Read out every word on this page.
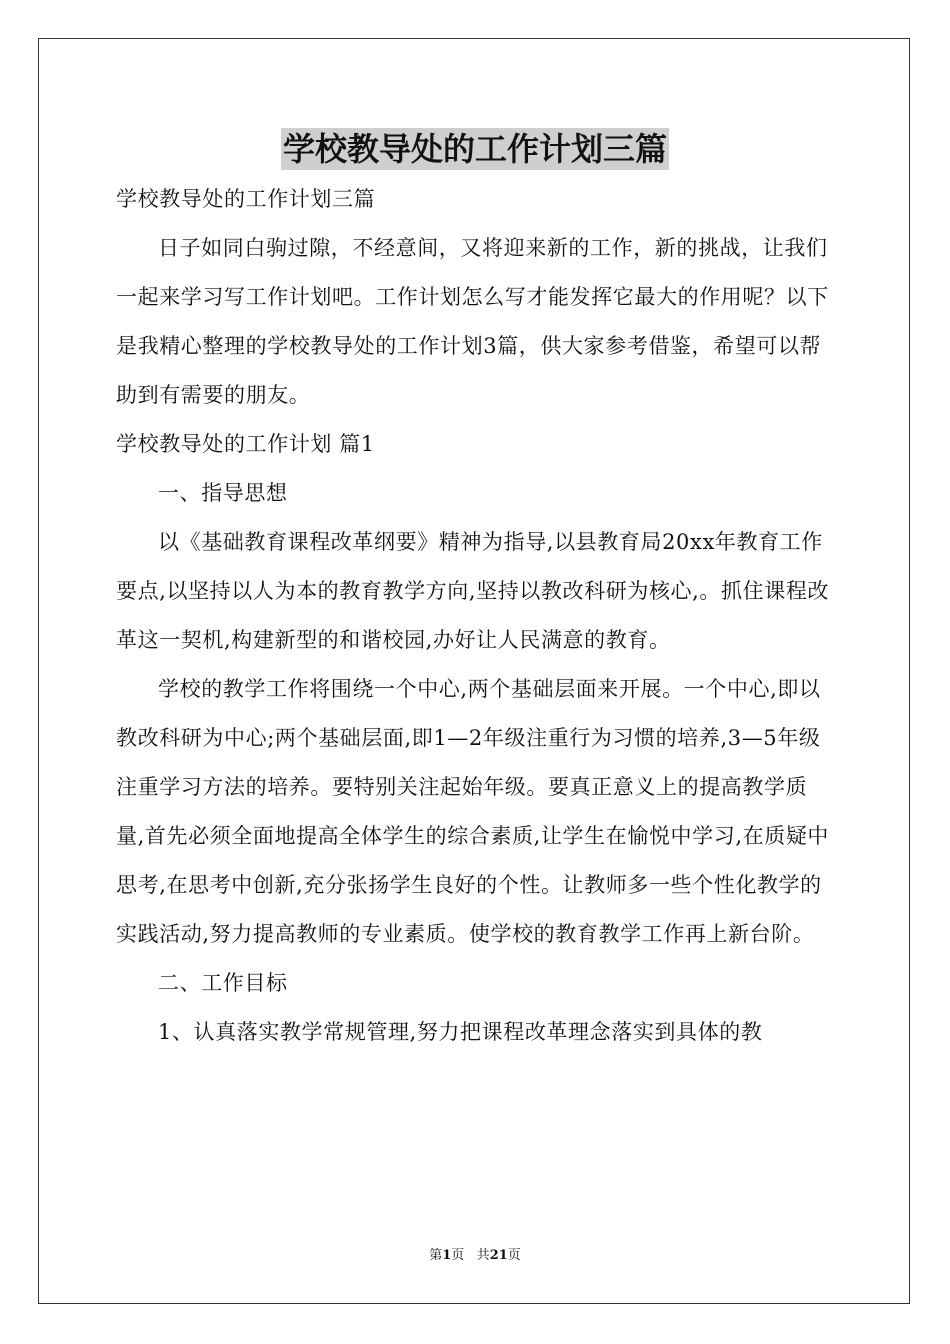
学校教导处的工作计划三篇

学校教导处的工作计划三篇

日子如同白驹过隙，不经意间，又将迎来新的工作，新的挑战，让我们一起来学习写工作计划吧。工作计划怎么写才能发挥它最大的作用呢？以下是我精心整理的学校教导处的工作计划3篇，供大家参考借鉴，希望可以帮助到有需要的朋友。

学校教导处的工作计划 篇1

一、指导思想

以《基础教育课程改革纲要》精神为指导,以县教育局20xx年教育工作要点,以坚持以人为本的教育教学方向,坚持以教改科研为核心,。抓住课程改革这一契机,构建新型的和谐校园,办好让人民满意的教育。

学校的教学工作将围绕一个中心,两个基础层面来开展。一个中心,即以教改科研为中心;两个基础层面,即1—2年级注重行为习惯的培养,3—5年级注重学习方法的培养。要特别关注起始年级。要真正意义上的提高教学质量,首先必须全面地提高全体学生的综合素质,让学生在愉悦中学习,在质疑中思考,在思考中创新,充分张扬学生良好的个性。让教师多一些个性化教学的实践活动,努力提高教师的专业素质。使学校的教育教学工作再上新台阶。

二、工作目标

1、认真落实教学常规管理,努力把课程改革理念落实到具体的教

第1页 共21页
